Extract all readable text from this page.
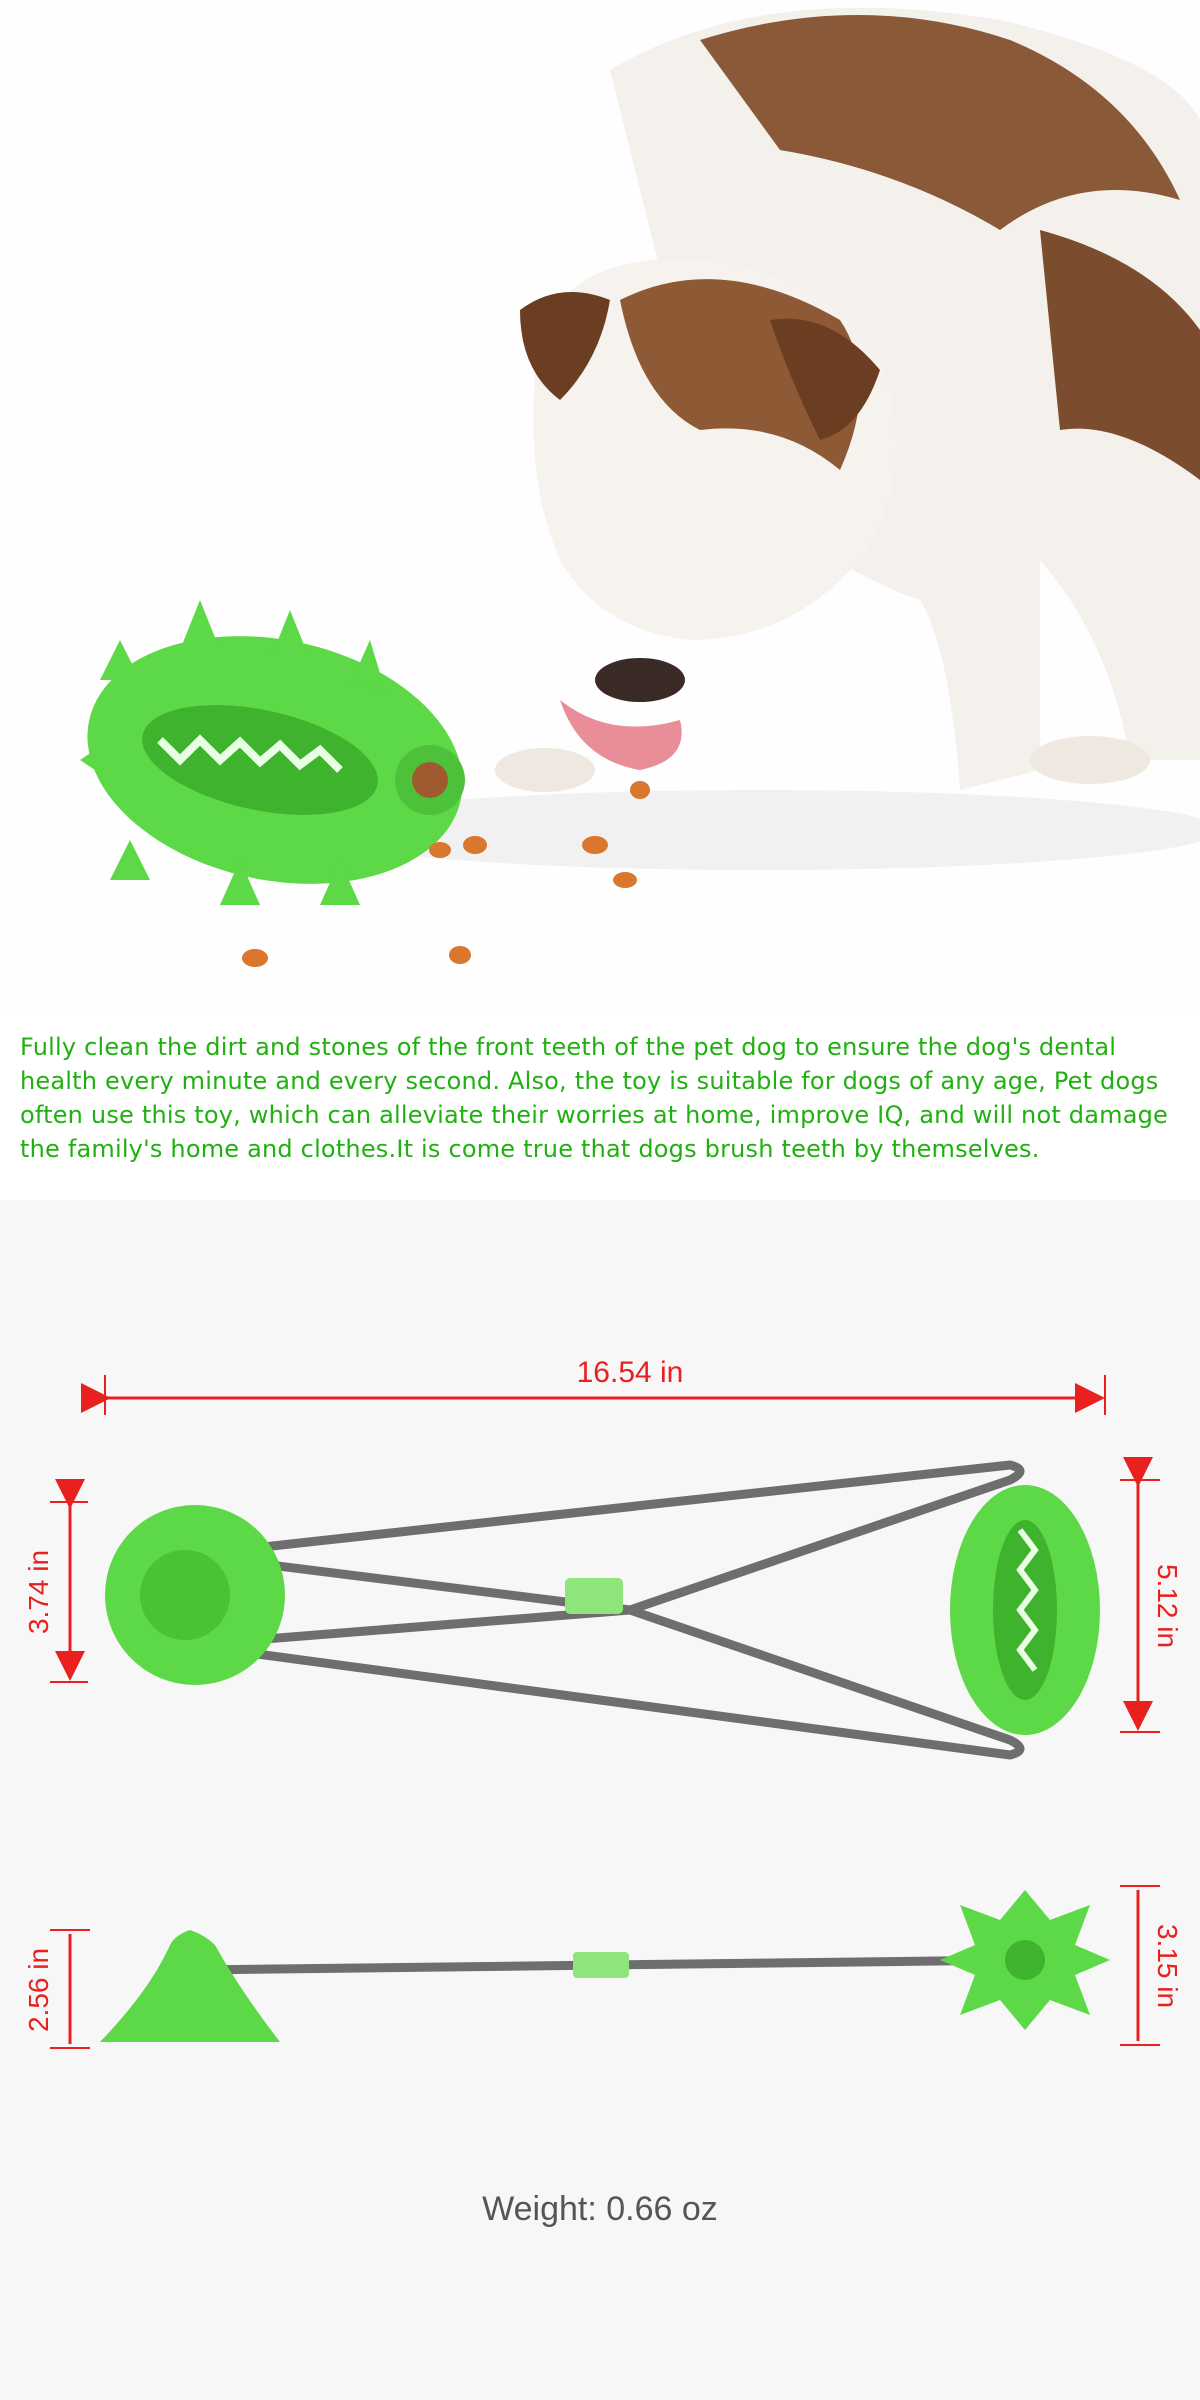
Fully clean the dirt and stones of the front teeth of the pet dog to ensure the dog's dental health every minute and every second. Also, the toy is suitable for dogs of any age, Pet dogs often use this toy, which can alleviate their worries at home, improve IQ, and will not damage the family's home and clothes.It is come true that dogs brush teeth by themselves.
16.54 in
3.74 in	5.12 in
2.56 in	3.15 in
Weight: 0.66 oz
